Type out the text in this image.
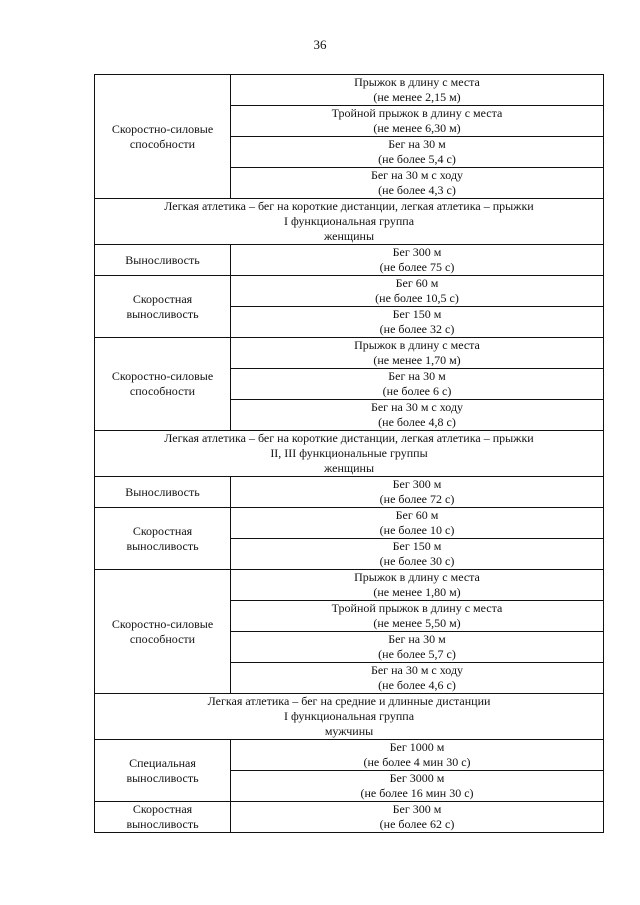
36
Скоростно-силовые
способности	Прыжок в длину с места
(не менее 2,15 м)

	Тройной прыжок в длину с места
(не менее 6,30 м)

	Бег на 30 м
(не более 5,4 с)

	Бег на 30 м с ходу
(не более 4,3 с)

Легкая атлетика – бег на короткие дистанции, легкая атлетика – прыжки
I функциональная группа
женщины	

Выносливость	Бег 300 м
(не более 75 с)

Скоростная
выносливость	Бег 60 м
(не более 10,5 с)

	Бег 150 м
(не более 32 с)

Скоростно-силовые
способности	Прыжок в длину с места
(не менее 1,70 м)

	Бег на 30 м
(не более 6 с)

	Бег на 30 м с ходу
(не более 4,8 с)

Легкая атлетика – бег на короткие дистанции, легкая атлетика – прыжки
II, III функциональные группы
женщины	

Выносливость	Бег 300 м
(не более 72 с)

Скоростная
выносливость	Бег 60 м
(не более 10 с)

	Бег 150 м
(не более 30 с)

Скоростно-силовые
способности	Прыжок в длину с места
(не менее 1,80 м)

	Тройной прыжок в длину с места
(не менее 5,50 м)

	Бег на 30 м
(не более 5,7 с)

	Бег на 30 м с ходу
(не более 4,6 с)

Легкая атлетика – бег на средние и длинные дистанции
I функциональная группа
мужчины	

Специальная
выносливость	Бег 1000 м
(не более 4 мин 30 с)

	Бег 3000 м
(не более 16 мин 30 с)

Скоростная
выносливость	Бег 300 м
(не более 62 с)
